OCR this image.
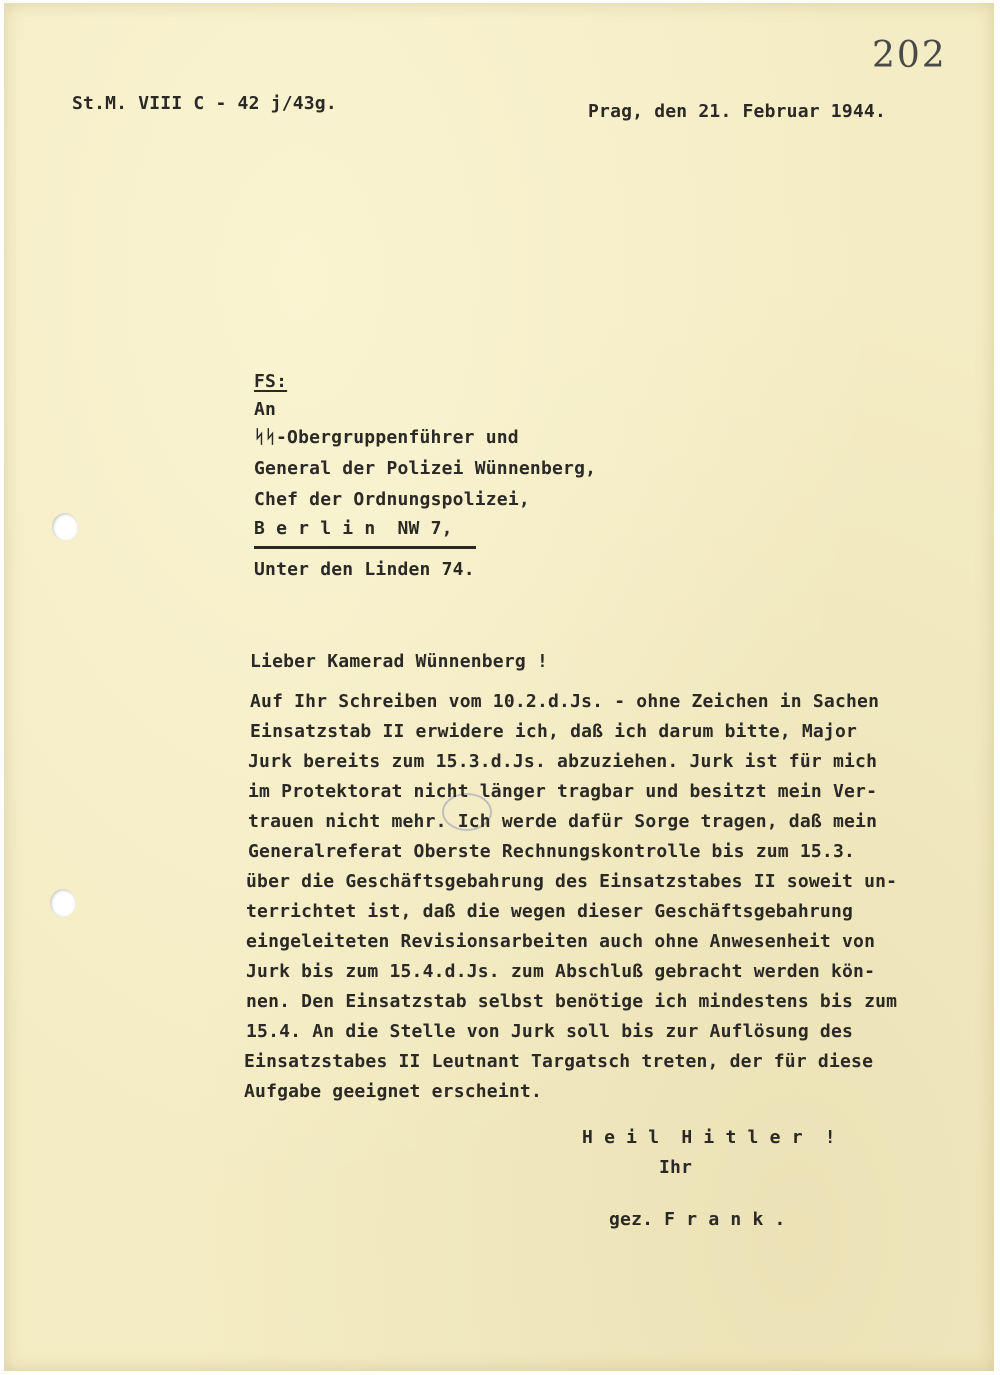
202
St.M. VIII C - 42 j/43g.	Prag, den 21. Februar 1944.
FS:
An
ᛋᛋ-Obergruppenführer und
General der Polizei Wünnenberg,
Chef der Ordnungspolizei,
B e r l i n  NW 7,
Unter den Linden 74.
Lieber Kamerad Wünnenberg !
Auf Ihr Schreiben vom 10.2.d.Js. - ohne Zeichen in Sachen
Einsatzstab II erwidere ich, daß ich darum bitte, Major
Jurk bereits zum 15.3.d.Js. abzuziehen. Jurk ist für mich
im Protektorat nicht länger tragbar und besitzt mein Ver-
trauen nicht mehr. Ich werde dafür Sorge tragen, daß mein
Generalreferat Oberste Rechnungskontrolle bis zum 15.3.
über die Geschäftsgebahrung des Einsatzstabes II soweit un-
terrichtet ist, daß die wegen dieser Geschäftsgebahrung
eingeleiteten Revisionsarbeiten auch ohne Anwesenheit von
Jurk bis zum 15.4.d.Js. zum Abschluß gebracht werden kön-
nen. Den Einsatzstab selbst benötige ich mindestens bis zum
15.4. An die Stelle von Jurk soll bis zur Auflösung des
Einsatzstabes II Leutnant Targatsch treten, der für diese
Aufgabe geeignet erscheint.
H e i l  H i t l e r  !
Ihr
gez. F r a n k .
